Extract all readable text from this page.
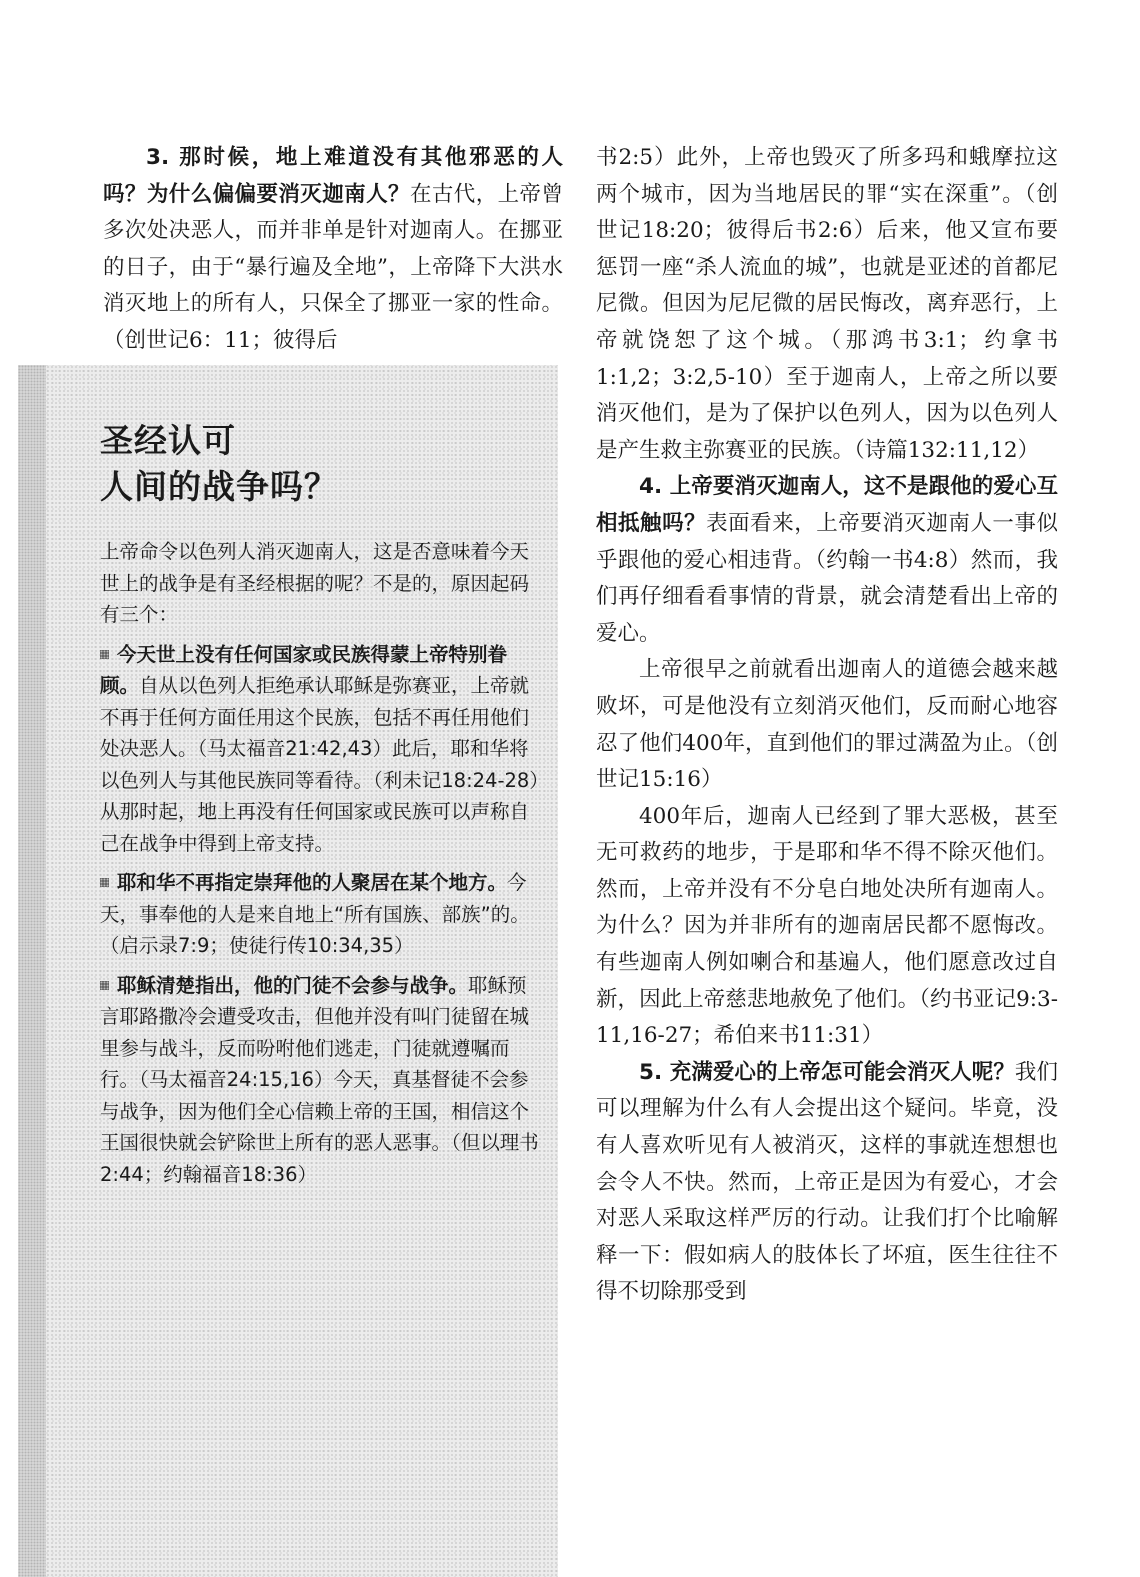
3. 那时候，地上难道没有其他邪恶的人吗？为什么偏偏要消灭迦南人？在古代，上帝曾多次处决恶人，而并非单是针对迦南人。在挪亚的日子，由于“暴行遍及全地”，上帝降下大洪水消灭地上的所有人，只保全了挪亚一家的性命。（创世记6：11；彼得后

圣经认可
人间的战争吗？

上帝命令以色列人消灭迦南人，这是否意味着今天世上的战争是有圣经根据的呢？不是的，原因起码有三个：

今天世上没有任何国家或民族得蒙上帝特别眷顾。自从以色列人拒绝承认耶稣是弥赛亚，上帝就不再于任何方面任用这个民族，包括不再任用他们处决恶人。（马太福音21:42,43）此后，耶和华将以色列人与其他民族同等看待。（利未记18:24-28）从那时起，地上再没有任何国家或民族可以声称自己在战争中得到上帝支持。

耶和华不再指定崇拜他的人聚居在某个地方。今天，事奉他的人是来自地上“所有国族、部族”的。（启示录7:9；使徒行传10:34,35）

耶稣清楚指出，他的门徒不会参与战争。耶稣预言耶路撒冷会遭受攻击，但他并没有叫门徒留在城里参与战斗，反而吩咐他们逃走，门徒就遵嘱而行。（马太福音24:15,16）今天，真基督徒不会参与战争，因为他们全心信赖上帝的王国，相信这个王国很快就会铲除世上所有的恶人恶事。（但以理书2:44；约翰福音18:36）

书2:5）此外，上帝也毁灭了所多玛和蛾摩拉这两个城市，因为当地居民的罪“实在深重”。（创世记18:20；彼得后书2:6）后来，他又宣布要惩罚一座“杀人流血的城”，也就是亚述的首都尼尼微。但因为尼尼微的居民悔改，离弃恶行，上帝就饶恕了这个城。（那鸿书3:1；约拿书1:1,2；3:2,5-10）至于迦南人，上帝之所以要消灭他们，是为了保护以色列人，因为以色列人是产生救主弥赛亚的民族。（诗篇132:11,12）

4. 上帝要消灭迦南人，这不是跟他的爱心互相抵触吗？表面看来，上帝要消灭迦南人一事似乎跟他的爱心相违背。（约翰一书4:8）然而，我们再仔细看看事情的背景，就会清楚看出上帝的爱心。

上帝很早之前就看出迦南人的道德会越来越败坏，可是他没有立刻消灭他们，反而耐心地容忍了他们400年，直到他们的罪过满盈为止。（创世记15:16）

400年后，迦南人已经到了罪大恶极，甚至无可救药的地步，于是耶和华不得不除灭他们。然而，上帝并没有不分皂白地处决所有迦南人。为什么？因为并非所有的迦南居民都不愿悔改。有些迦南人例如喇合和基遍人，他们愿意改过自新，因此上帝慈悲地赦免了他们。（约书亚记9:3-11,16-27；希伯来书11:31）

5. 充满爱心的上帝怎可能会消灭人呢？我们可以理解为什么有人会提出这个疑问。毕竟，没有人喜欢听见有人被消灭，这样的事就连想想也会令人不快。然而，上帝正是因为有爱心，才会对恶人采取这样严厉的行动。让我们打个比喻解释一下：假如病人的肢体长了坏疽，医生往往不得不切除那受到
